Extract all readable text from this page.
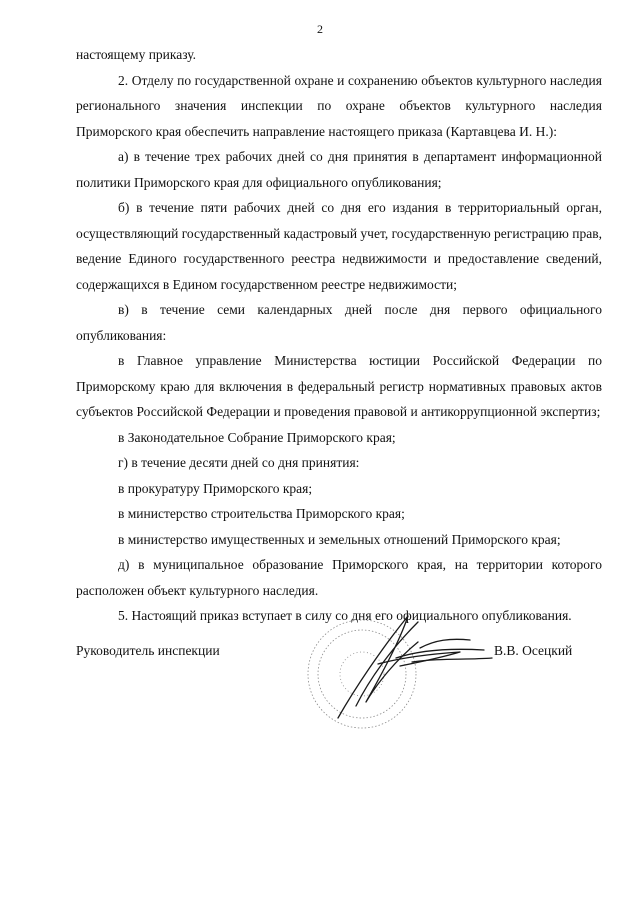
2

настоящему приказу.

2. Отделу по государственной охране и сохранению объектов культурного наследия регионального значения инспекции по охране объектов культурного наследия Приморского края обеспечить направление настоящего приказа (Картавцева И. Н.):

а) в течение трех рабочих дней со дня принятия в департамент информационной политики Приморского края для официального опубликования;

б) в течение пяти рабочих дней со дня его издания в территориальный орган, осуществляющий государственный кадастровый учет, государственную регистрацию прав, ведение Единого государственного реестра недвижимости и предоставление сведений, содержащихся в Едином государственном реестре недвижимости;

в) в течение семи календарных дней после дня первого официального опубликования:

в Главное управление Министерства юстиции Российской Федерации по Приморскому краю для включения в федеральный регистр нормативных правовых актов субъектов Российской Федерации и проведения правовой и антикоррупционной экспертиз;

в Законодательное Собрание Приморского края;

г) в течение десяти дней со дня принятия:

в прокуратуру Приморского края;

в министерство строительства Приморского края;

в министерство имущественных и земельных отношений Приморского края;

д) в муниципальное образование Приморского края, на территории которого расположен объект культурного наследия.

5. Настоящий приказ вступает в силу со дня его официального опубликования.

Руководитель инспекции	В.В. Осецкий
